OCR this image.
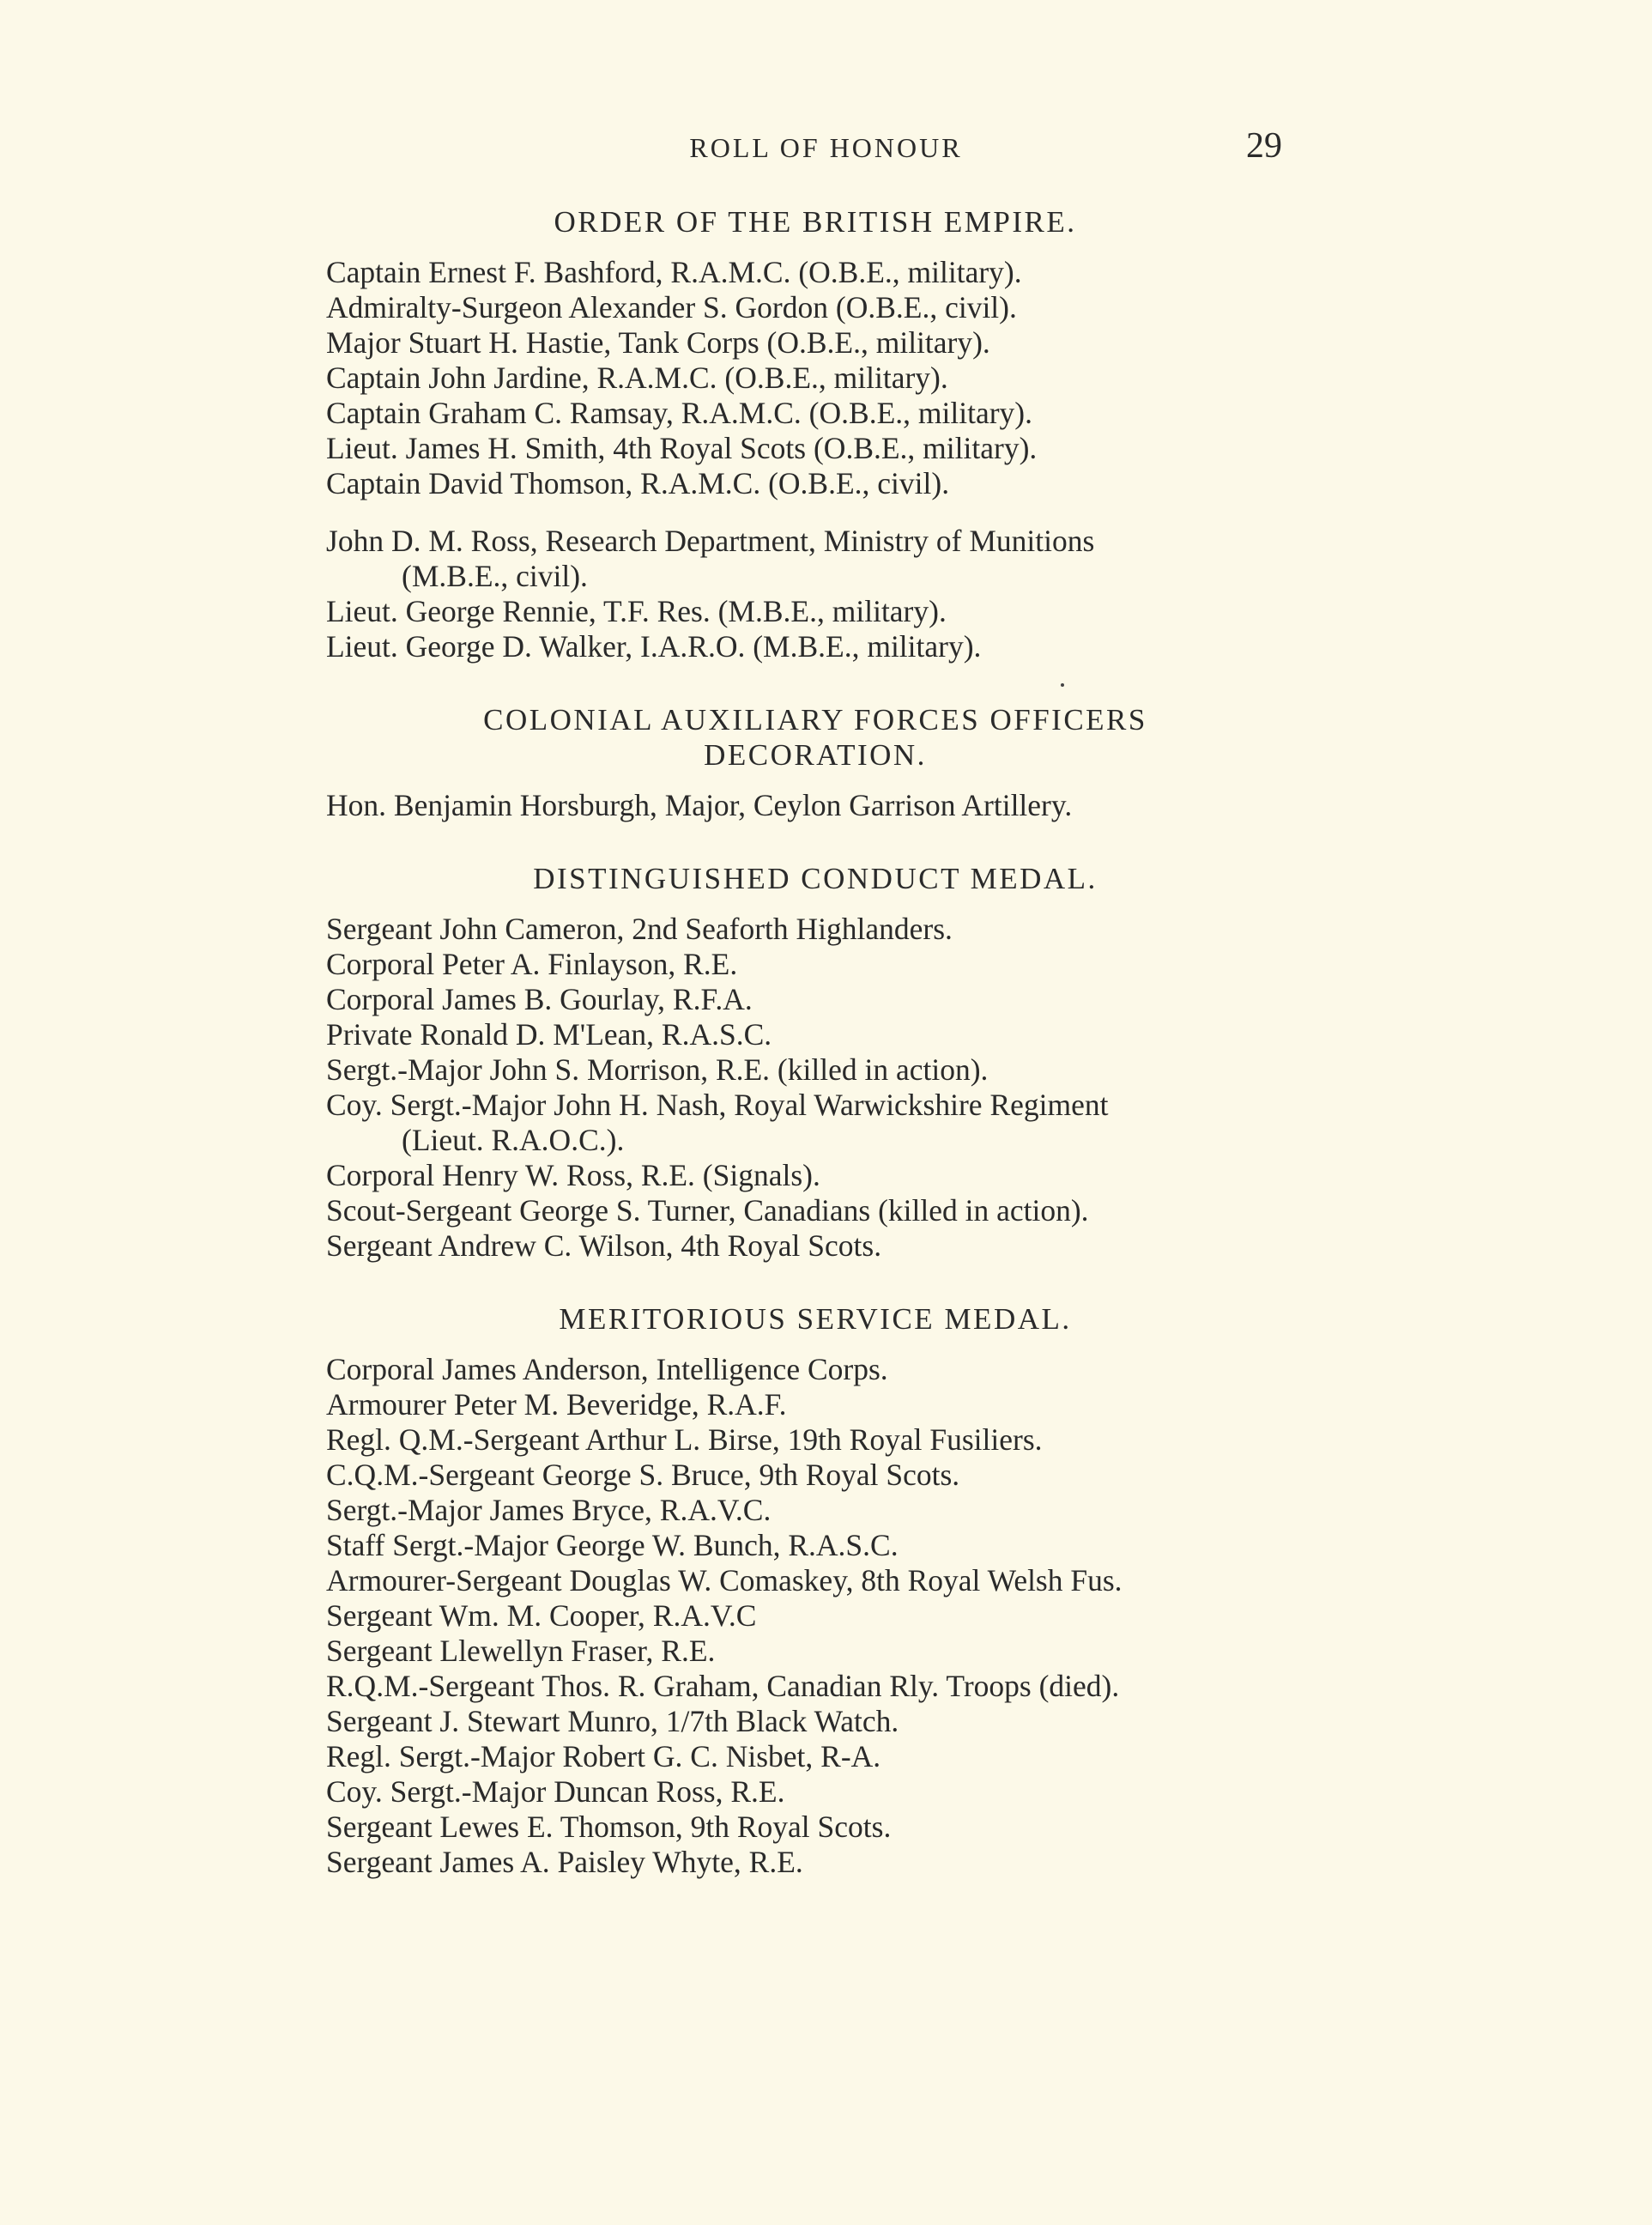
ROLL OF HONOUR	29
ORDER OF THE BRITISH EMPIRE.
Captain Ernest F. Bashford, R.A.M.C. (O.B.E., military).
Admiralty-Surgeon Alexander S. Gordon (O.B.E., civil).
Major Stuart H. Hastie, Tank Corps (O.B.E., military).
Captain John Jardine, R.A.M.C. (O.B.E., military).
Captain Graham C. Ramsay, R.A.M.C. (O.B.E., military).
Lieut. James H. Smith, 4th Royal Scots (O.B.E., military).
Captain David Thomson, R.A.M.C. (O.B.E., civil).
John D. M. Ross, Research Department, Ministry of Munitions
(M.B.E., civil).
Lieut. George Rennie, T.F. Res. (M.B.E., military).
Lieut. George D. Walker, I.A.R.O. (M.B.E., military).
COLONIAL AUXILIARY FORCES OFFICERS
DECORATION.
Hon. Benjamin Horsburgh, Major, Ceylon Garrison Artillery.
DISTINGUISHED CONDUCT MEDAL.
Sergeant John Cameron, 2nd Seaforth Highlanders.
Corporal Peter A. Finlayson, R.E.
Corporal James B. Gourlay, R.F.A.
Private Ronald D. M'Lean, R.A.S.C.
Sergt.-Major John S. Morrison, R.E. (killed in action).
Coy. Sergt.-Major John H. Nash, Royal Warwickshire Regiment
(Lieut. R.A.O.C.).
Corporal Henry W. Ross, R.E. (Signals).
Scout-Sergeant George S. Turner, Canadians (killed in action).
Sergeant Andrew C. Wilson, 4th Royal Scots.
MERITORIOUS SERVICE MEDAL.
Corporal James Anderson, Intelligence Corps.
Armourer Peter M. Beveridge, R.A.F.
Regl. Q.M.-Sergeant Arthur L. Birse, 19th Royal Fusiliers.
C.Q.M.-Sergeant George S. Bruce, 9th Royal Scots.
Sergt.-Major James Bryce, R.A.V.C.
Staff Sergt.-Major George W. Bunch, R.A.S.C.
Armourer-Sergeant Douglas W. Comaskey, 8th Royal Welsh Fus.
Sergeant Wm. M. Cooper, R.A.V.C
Sergeant Llewellyn Fraser, R.E.
R.Q.M.-Sergeant Thos. R. Graham, Canadian Rly. Troops (died).
Sergeant J. Stewart Munro, 1/7th Black Watch.
Regl. Sergt.-Major Robert G. C. Nisbet, R-A.
Coy. Sergt.-Major Duncan Ross, R.E.
Sergeant Lewes E. Thomson, 9th Royal Scots.
Sergeant James A. Paisley Whyte, R.E.
